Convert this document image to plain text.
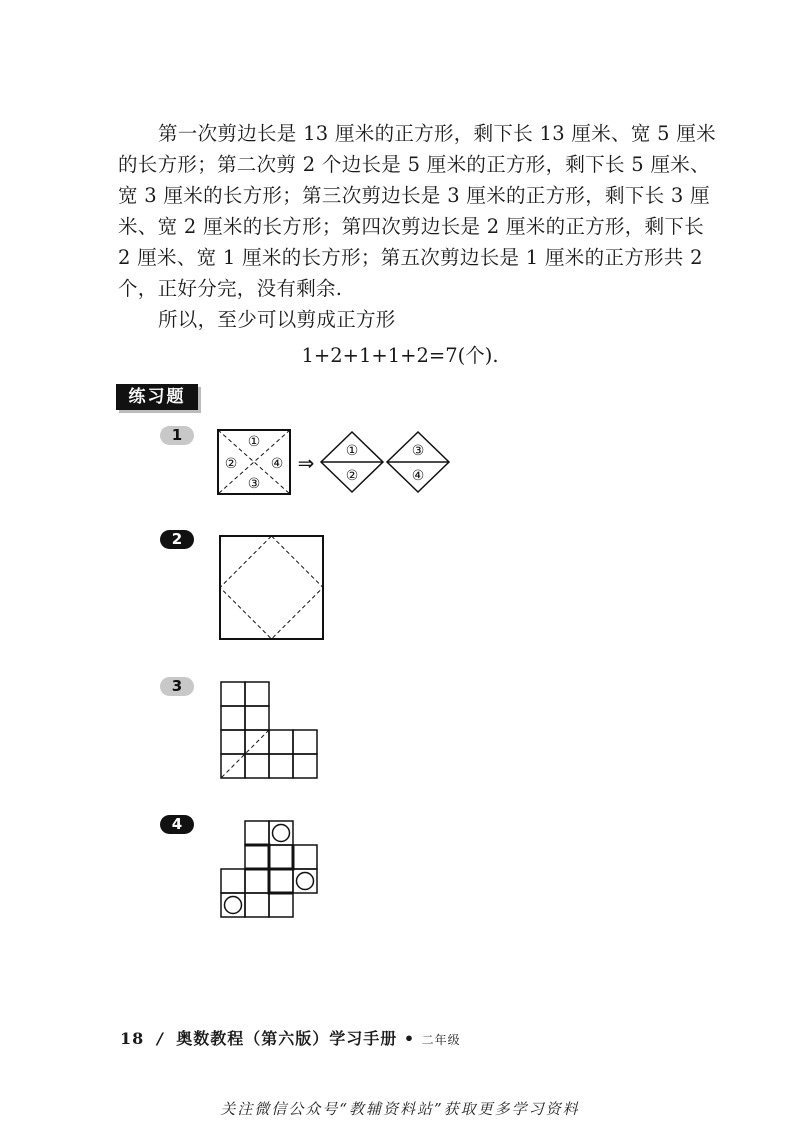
第一次剪边长是 13 厘米的正方形，剩下长 13 厘米、宽 5 厘米
的长方形；第二次剪 2 个边长是 5 厘米的正方形，剩下长 5 厘米、
宽 3 厘米的长方形；第三次剪边长是 3 厘米的正方形，剩下长 3 厘
米、宽 2 厘米的长方形；第四次剪边长是 2 厘米的正方形，剩下长
2 厘米、宽 1 厘米的长方形；第五次剪边长是 1 厘米的正方形共 2
个，正好分完，没有剩余.
所以，至少可以剪成正方形
1+2+1+1+2=7(个).
练习题
1	①
②
③
④ ⇒ ①
②
③
④
2
3
4
18 / 奥数教程（第六版）学习手册 • 二年级
关注微信公众号“教辅资料站”获取更多学习资料
